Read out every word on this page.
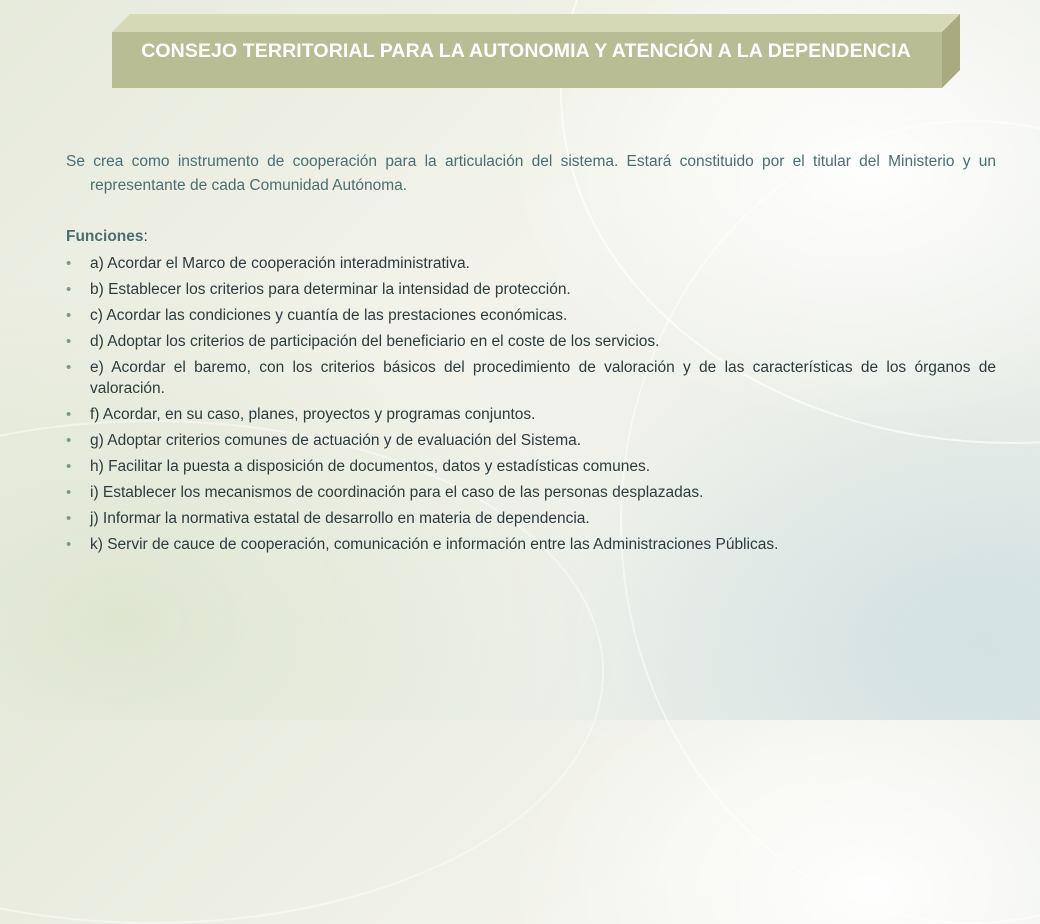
CONSEJO TERRITORIAL PARA LA AUTONOMIA Y ATENCIÓN A LA DEPENDENCIA

Se crea como instrumento de cooperación para la articulación del sistema. Estará constituido por el titular del Ministerio y un representante de cada Comunidad Autónoma.

Funciones:

• a) Acordar el Marco de cooperación interadministrativa.
• b) Establecer los criterios para determinar la intensidad de protección.
• c) Acordar las condiciones y cuantía de las prestaciones económicas.
• d) Adoptar los criterios de participación del beneficiario en el coste de los servicios.
• e) Acordar el baremo, con los criterios básicos del procedimiento de valoración y de las características de los órganos de valoración.
• f) Acordar, en su caso, planes, proyectos y programas conjuntos.
• g) Adoptar criterios comunes de actuación y de evaluación del Sistema.
• h) Facilitar la puesta a disposición de documentos, datos y estadísticas comunes.
• i) Establecer los mecanismos de coordinación para el caso de las personas desplazadas.
• j) Informar la normativa estatal de desarrollo en materia de dependencia.
• k) Servir de cauce de cooperación, comunicación e información entre las Administraciones Públicas.
